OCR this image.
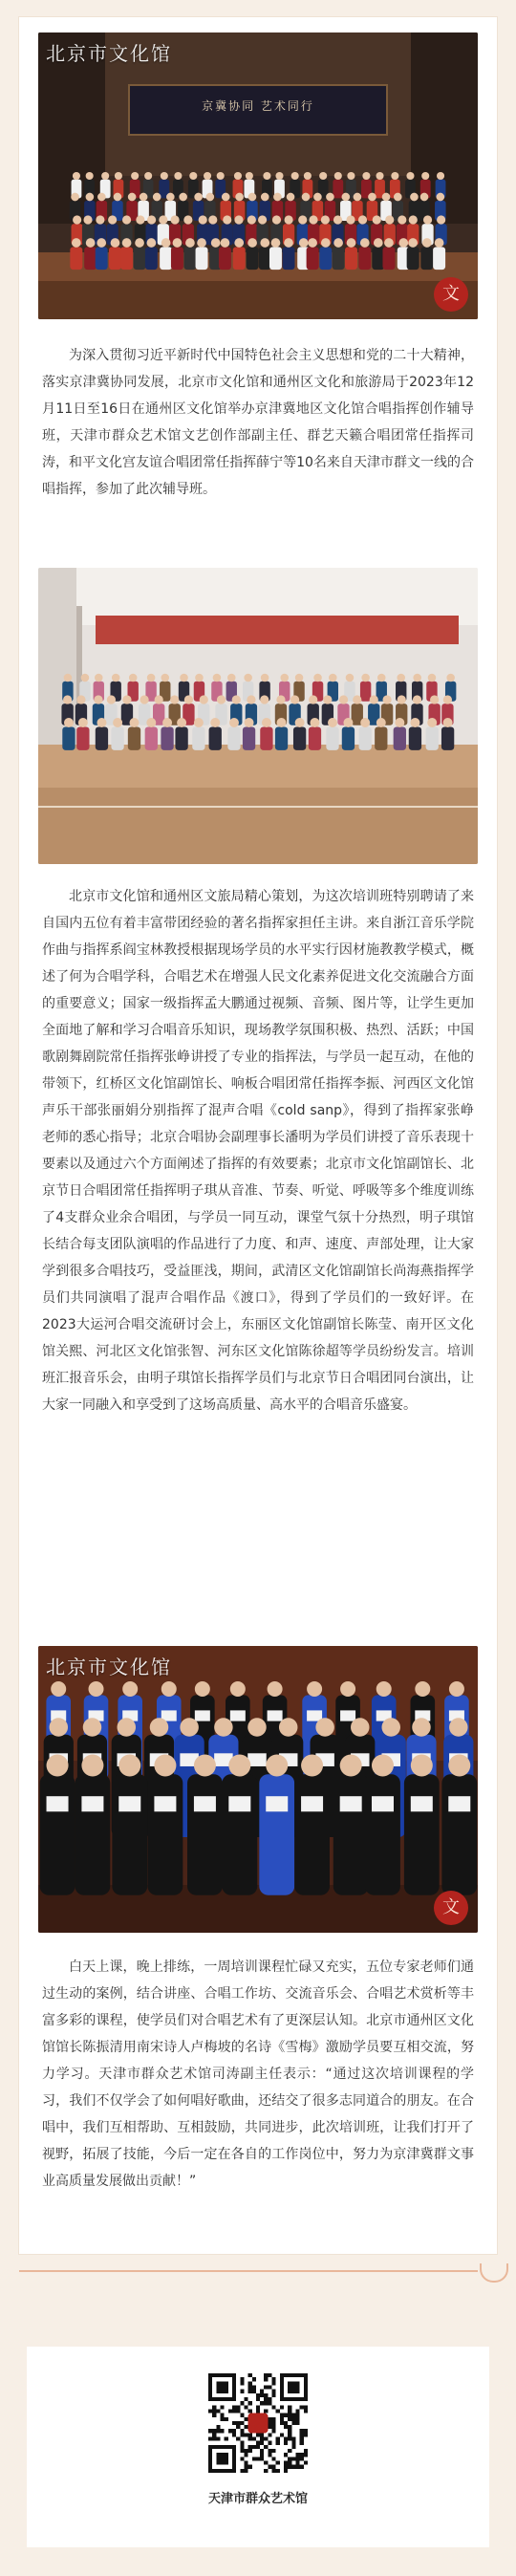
北京市文化馆
京冀协同 艺术同行
文

为深入贯彻习近平新时代中国特色社会主义思想和党的二十大精神，落实京津冀协同发展，北京市文化馆和通州区文化和旅游局于2023年12月11日至16日在通州区文化馆举办京津冀地区文化馆合唱指挥创作辅导班，天津市群众艺术馆文艺创作部副主任、群艺天籁合唱团常任指挥司涛，和平文化宫友谊合唱团常任指挥薛宁等10名来自天津市群文一线的合唱指挥，参加了此次辅导班。

北京市文化馆和通州区文旅局精心策划，为这次培训班特别聘请了来自国内五位有着丰富带团经验的著名指挥家担任主讲。来自浙江音乐学院作曲与指挥系阎宝林教授根据现场学员的水平实行因材施教教学模式，概述了何为合唱学科，合唱艺术在增强人民文化素养促进文化交流融合方面的重要意义；国家一级指挥孟大鹏通过视频、音频、图片等，让学生更加全面地了解和学习合唱音乐知识，现场教学氛围积极、热烈、活跃；中国歌剧舞剧院常任指挥张峥讲授了专业的指挥法，与学员一起互动，在他的带领下，红桥区文化馆副馆长、响板合唱团常任指挥李振、河西区文化馆声乐干部张丽娟分别指挥了混声合唱《cold sanp》，得到了指挥家张峥老师的悉心指导；北京合唱协会副理事长潘明为学员们讲授了音乐表现十要素以及通过六个方面阐述了指挥的有效要素；北京市文化馆副馆长、北京节日合唱团常任指挥明子琪从音准、节奏、听觉、呼吸等多个维度训练了4支群众业余合唱团，与学员一同互动，课堂气氛十分热烈，明子琪馆长结合每支团队演唱的作品进行了力度、和声、速度、声部处理，让大家学到很多合唱技巧，受益匪浅，期间，武清区文化馆副馆长尚海燕指挥学员们共同演唱了混声合唱作品《渡口》，得到了学员们的一致好评。在2023大运河合唱交流研讨会上，东丽区文化馆副馆长陈莹、南开区文化馆关熙、河北区文化馆张智、河东区文化馆陈徐超等学员纷纷发言。培训班汇报音乐会，由明子琪馆长指挥学员们与北京节日合唱团同台演出，让大家一同融入和享受到了这场高质量、高水平的合唱音乐盛宴。

北京市文化馆
文

白天上课，晚上排练，一周培训课程忙碌又充实，五位专家老师们通过生动的案例，结合讲座、合唱工作坊、交流音乐会、合唱艺术赏析等丰富多彩的课程，使学员们对合唱艺术有了更深层认知。北京市通州区文化馆馆长陈振清用南宋诗人卢梅坡的名诗《雪梅》激励学员要互相交流，努力学习。天津市群众艺术馆司涛副主任表示：“通过这次培训课程的学习，我们不仅学会了如何唱好歌曲，还结交了很多志同道合的朋友。在合唱中，我们互相帮助、互相鼓励，共同进步，此次培训班，让我们打开了视野，拓展了技能，今后一定在各自的工作岗位中，努力为京津冀群文事业高质量发展做出贡献！”

天津市群众艺术馆
